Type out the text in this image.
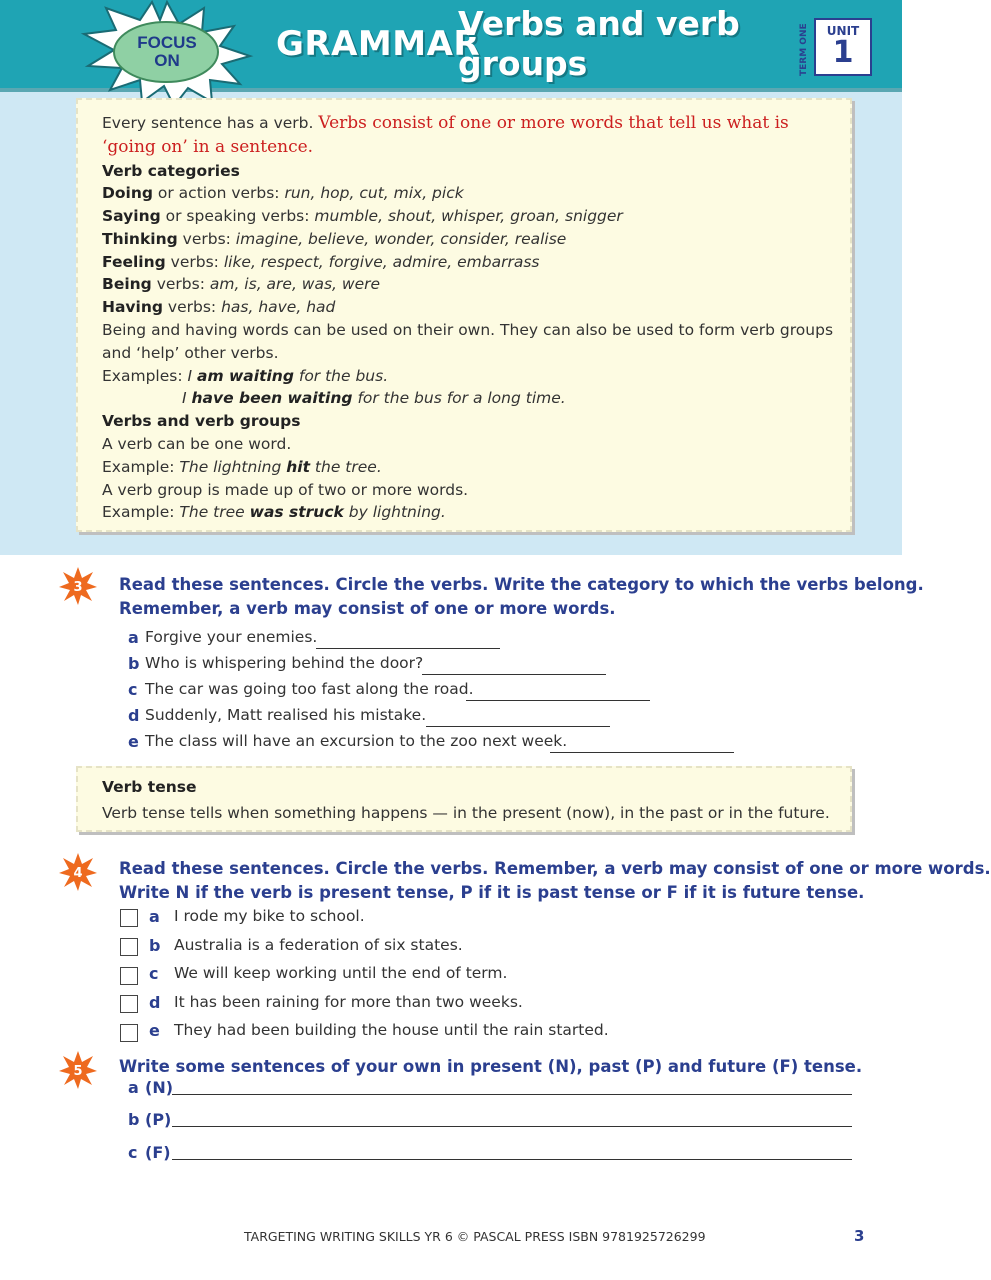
FOCUS
ON	GRAMMAR
Verbs and verb
groups	TERM ONE	UNIT
1
Every sentence has a verb. Verbs consist of one or more words that tell us what is
‘going on’ in a sentence.
Verb categories
Doing or action verbs: run, hop, cut, mix, pick
Saying or speaking verbs: mumble, shout, whisper, groan, snigger
Thinking verbs: imagine, believe, wonder, consider, realise
Feeling verbs: like, respect, forgive, admire, embarrass
Being verbs: am, is, are, was, were
Having verbs: has, have, had
Being and having words can be used on their own. They can also be used to form verb groups
and ‘help’ other verbs.
Examples: I am waiting for the bus.
I have been waiting for the bus for a long time.
Verbs and verb groups
A verb can be one word.
Example: The lightning hit the tree.
A verb group is made up of two or more words.
Example: The tree was struck by lightning.
3 Read these sentences. Circle the verbs. Write the category to which the verbs belong.
Remember, a verb may consist of one or more words.
a Forgive your enemies.
b Who is whispering behind the door?
c The car was going too fast along the road.
d Suddenly, Matt realised his mistake.
e The class will have an excursion to the zoo next week.
Verb tense
Verb tense tells when something happens — in the present (now), in the past or in the future.
4 Read these sentences. Circle the verbs. Remember, a verb may consist of one or more words.
Write N if the verb is present tense, P if it is past tense or F if it is future tense.
a I rode my bike to school.
b Australia is a federation of six states.
c We will keep working until the end of term.
d It has been raining for more than two weeks.
e They had been building the house until the rain started.
5 Write some sentences of your own in present (N), past (P) and future (F) tense.
a (N)
b (P)
c (F)
TARGETING WRITING SKILLS YR 6 © PASCAL PRESS ISBN 9781925726299	3
